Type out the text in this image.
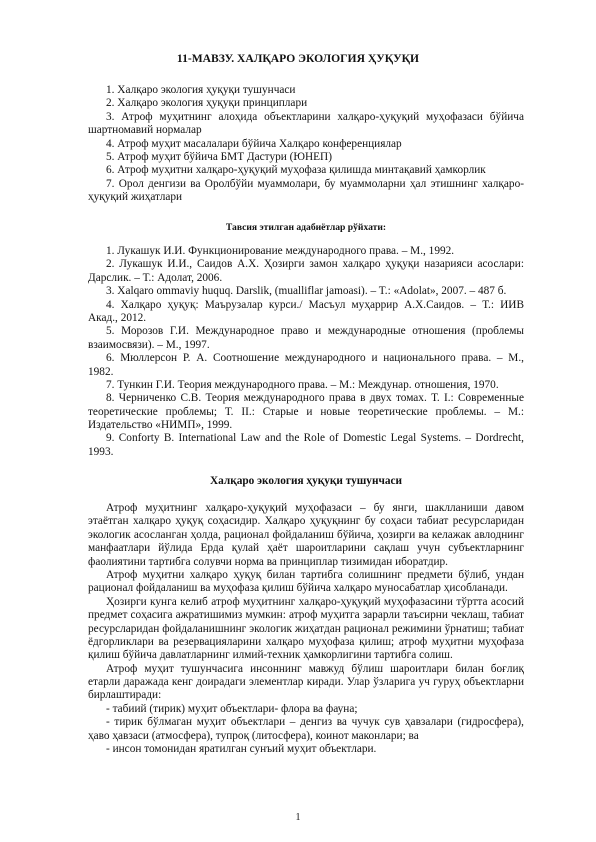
11-МАВЗУ. ХАЛҚАРО ЭКОЛОГИЯ ҲУҚУҚИ
1. Халқаро экология ҳуқуқи тушунчаси
2. Халқаро экология ҳуқуқи принциплари
3. Атроф муҳитнинг алоҳида объектларини халқаро-ҳуқуқий муҳофазаси бўйича
шартномавий нормалар
4. Атроф муҳит масалалари бўйича Халқаро конференциялар
5. Атроф муҳит бўйича БМТ Дастури (ЮНЕП)
6. Атроф муҳитни халқаро-ҳуқуқий муҳофаза қилишда минтақавий ҳамкорлик
7. Орол денгизи ва Оролбўйи муаммолари, бу муаммоларни ҳал этишнинг халқаро-
ҳуқуқий жиҳатлари
Тавсия этилган адабиётлар рўйхати:
1. Лукашук И.И. Функционирование международного права. – М., 1992.
2. Лукашук И.И., Саидов А.Х. Ҳозирги замон халқаро ҳуқуқи назарияси асослари:
Дарслик. – Т.: Адолат, 2006.
3. Xalqaro ommaviy huquq. Darslik, (mualliflar jamoasi). – T.: «Adolat», 2007. – 487 б.
4. Халқаро ҳуқуқ: Маърузалар курси./ Масъул муҳаррир А.Х.Саидов. – Т.: ИИВ
Акад., 2012.
5. Морозов Г.И. Международное право и международные отношения (проблемы
взаимосвязи). – М., 1997.
6. Мюллерсон Р. А. Соотношение международного и национального права. – М.,
1982.
7. Тункин Г.И. Теория международного права. – М.: Междунар. отношения, 1970.
8. Черниченко С.В. Теория международного права в двух томах. Т. I.: Современные
теоретические проблемы; Т. II.: Старые и новые теоретические проблемы. – М.:
Издательство «НИМП», 1999.
9. Conforty B. International Law and the Role of Domestic Legal Systems. – Dordrecht,
1993.
Халқаро экология ҳуқуқи тушунчаси
Атроф муҳитнинг халқаро-ҳуқуқий муҳофазаси – бу янги, шаклланиши давом
этаётган халқаро ҳуқуқ соҳасидир. Халқаро ҳуқуқнинг бу соҳаси табиат ресурсларидан
экологик асосланган ҳолда, рационал фойдаланиш бўйича, ҳозирги ва келажак авлоднинг
манфаатлари йўлида Ерда қулай ҳаёт шароитларини сақлаш учун субъектларнинг
фаолиятини тартибга солувчи норма ва принциплар тизимидан иборатдир.
Атроф муҳитни халқаро ҳуқуқ билан тартибга солишнинг предмети бўлиб, ундан
рационал фойдаланиш ва муҳофаза қилиш бўйича халқаро муносабатлар ҳисобланади.
Ҳозирги кунга келиб атроф муҳитнинг халқаро-ҳуқуқий муҳофазасини тўртта асосий
предмет соҳасига ажратишимиз мумкин: атроф муҳитга зарарли таъсирни чеклаш, табиат
ресурсларидан фойдаланишнинг экологик жиҳатдан рационал режимини ўрнатиш; табиат
ёдгорликлари ва резервацияларини халқаро муҳофаза қилиш; атроф муҳитни муҳофаза
қилиш бўйича давлатларнинг илмий-техник ҳамкорлигини тартибга солиш.
Атроф муҳит тушунчасига инсоннинг мавжуд бўлиш шароитлари билан боғлиқ
етарли даражада кенг доирадаги элементлар киради. Улар ўзларига уч гуруҳ объектларни
бирлаштиради:
- табиий (тирик) муҳит объектлари- флора ва фауна;
- тирик бўлмаган муҳит объектлари – денгиз ва чучук сув ҳавзалари (гидросфера),
ҳаво ҳавзаси (атмосфера), тупроқ (литосфера), коинот маконлари; ва
- инсон томонидан яратилган сунъий муҳит объектлари.
1
